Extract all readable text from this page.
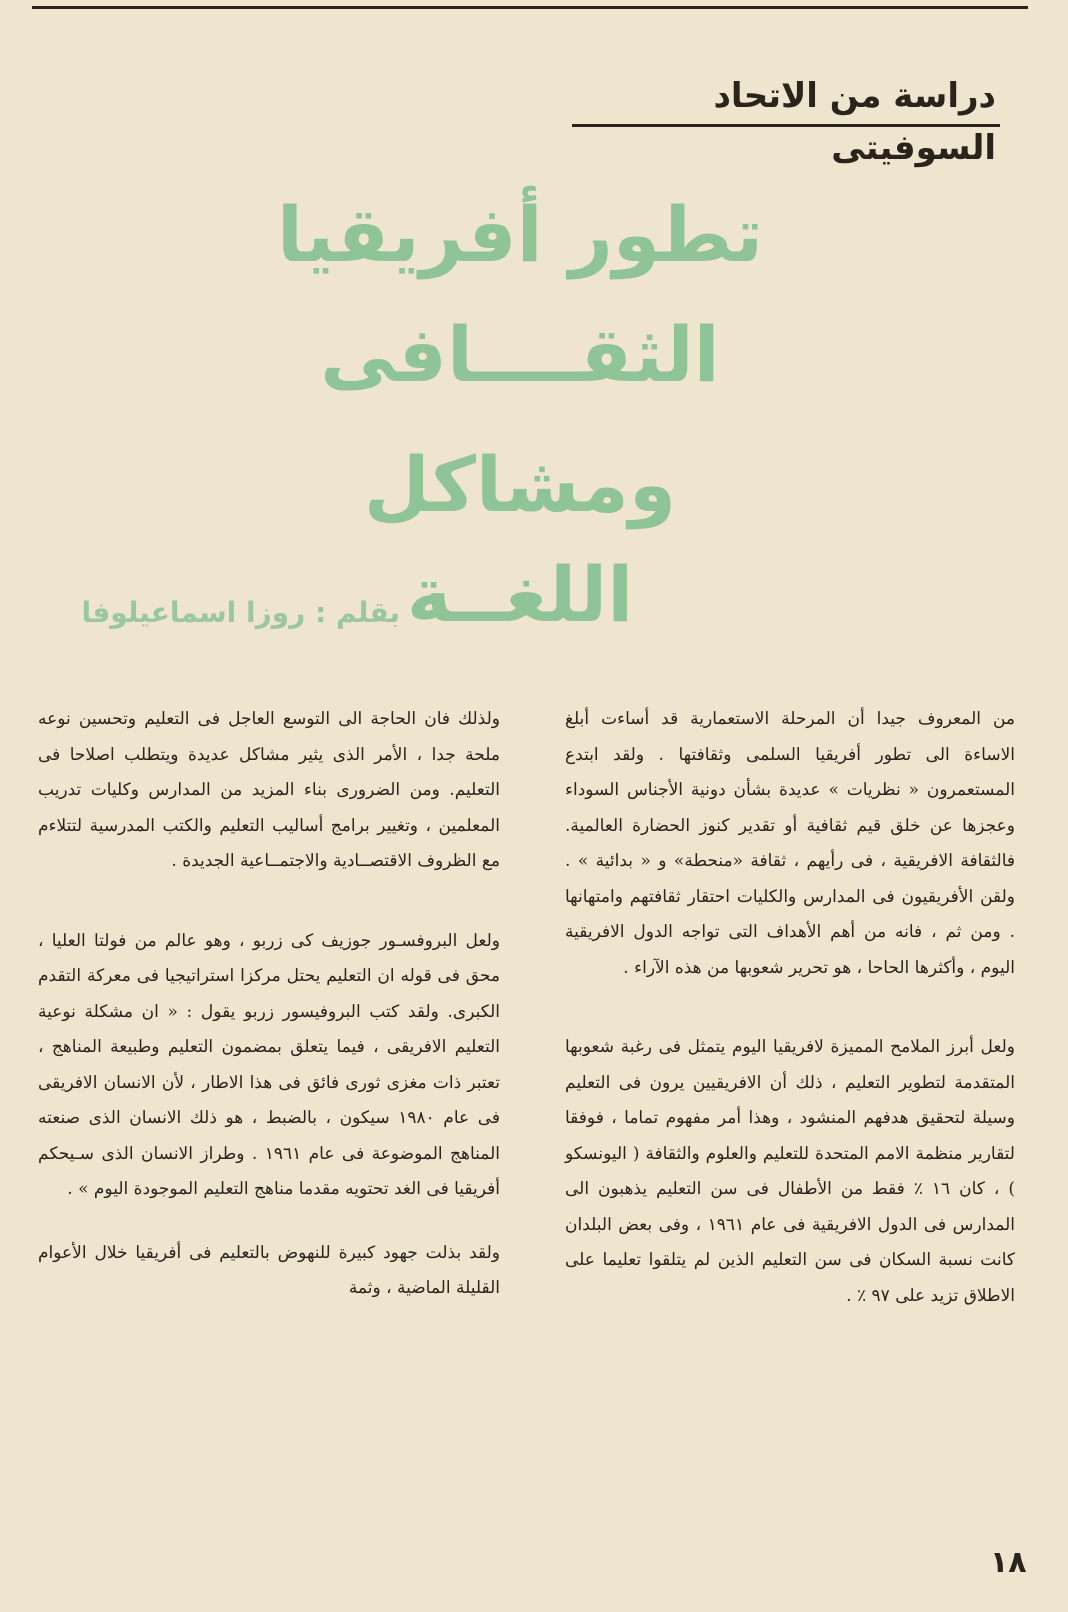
دراسة من الاتحاد السوفيتى
تطور أفريقيا
الثقــــافى
ومشاكل اللغــة
بقلم : روزا اسماعيلوفا

من المعروف جيدا أن المرحلة الاستعمارية قد أساءت أبلغ الاساءة الى تطور أفريقيا السلمى وثقافتها . ولقد ابتدع المستعمرون « نظريات » عديدة بشأن دونية الأجناس السوداء وعجزها عن خلق قيم ثقافية أو تقدير كنوز الحضارة العالمية. فالثقافة الافريقية ، فى رأيهم ، ثقافة «منحطة» و « بدائية » . ولقن الأفريقيون فى المدارس والكليات احتقار ثقافتهم وامتهانها . ومن ثم ، فانه من أهم الأهداف التى تواجه الدول الافريقية اليوم ، وأكثرها الحاحا ، هو تحرير شعوبها من هذه الآراء .

ولعل أبرز الملامح المميزة لافريقيا اليوم يتمثل فى رغبة شعوبها المتقدمة لتطوير التعليم ، ذلك أن الافريقيين يرون فى التعليم وسيلة لتحقيق هدفهم المنشود ، وهذا أمر مفهوم تماما ، فوفقا لتقارير منظمة الامم المتحدة للتعليم والعلوم والثقافة ( اليونسكو ) ، كان ١٦ ٪ فقط من الأطفال فى سن التعليم يذهبون الى المدارس فى الدول الافريقية فى عام ١٩٦١ ، وفى بعض البلدان كانت نسبة السكان فى سن التعليم الذين لم يتلقوا تعليما على الاطلاق تزيد على ٩٧ ٪ .

ولذلك فان الحاجة الى التوسع العاجل فى التعليم وتحسين نوعه ملحة جدا ، الأمر الذى يثير مشاكل عديدة ويتطلب اصلاحا فى التعليم. ومن الضرورى بناء المزيد من المدارس وكليات تدريب المعلمين ، وتغيير برامج أساليب التعليم والكتب المدرسية لتتلاءم مع الظروف الاقتصــادية والاجتمــاعية الجديدة .

ولعل البروفسـور جوزيف كى زربو ، وهو عالم من فولتا العليا ، محق فى قوله ان التعليم يحتل مركزا استراتيجيا فى معركة التقدم الكبرى. ولقد كتب البروفيسور زربو يقول : « ان مشكلة نوعية التعليم الافريقى ، فيما يتعلق بمضمون التعليم وطبيعة المناهج ، تعتبر ذات مغزى ثورى فائق فى هذا الاطار ، لأن الانسان الافريقى فى عام ١٩٨٠ سيكون ، بالضبط ، هو ذلك الانسان الذى صنعته المناهج الموضوعة فى عام ١٩٦١ . وطراز الانسان الذى سـيحكم أفريقيا فى الغد تحتويه مقدما مناهج التعليم الموجودة اليوم » .

ولقد بذلت جهود كبيرة للنهوض بالتعليم فى أفريقيا خلال الأعوام القليلة الماضية ، وثمة

١٨
